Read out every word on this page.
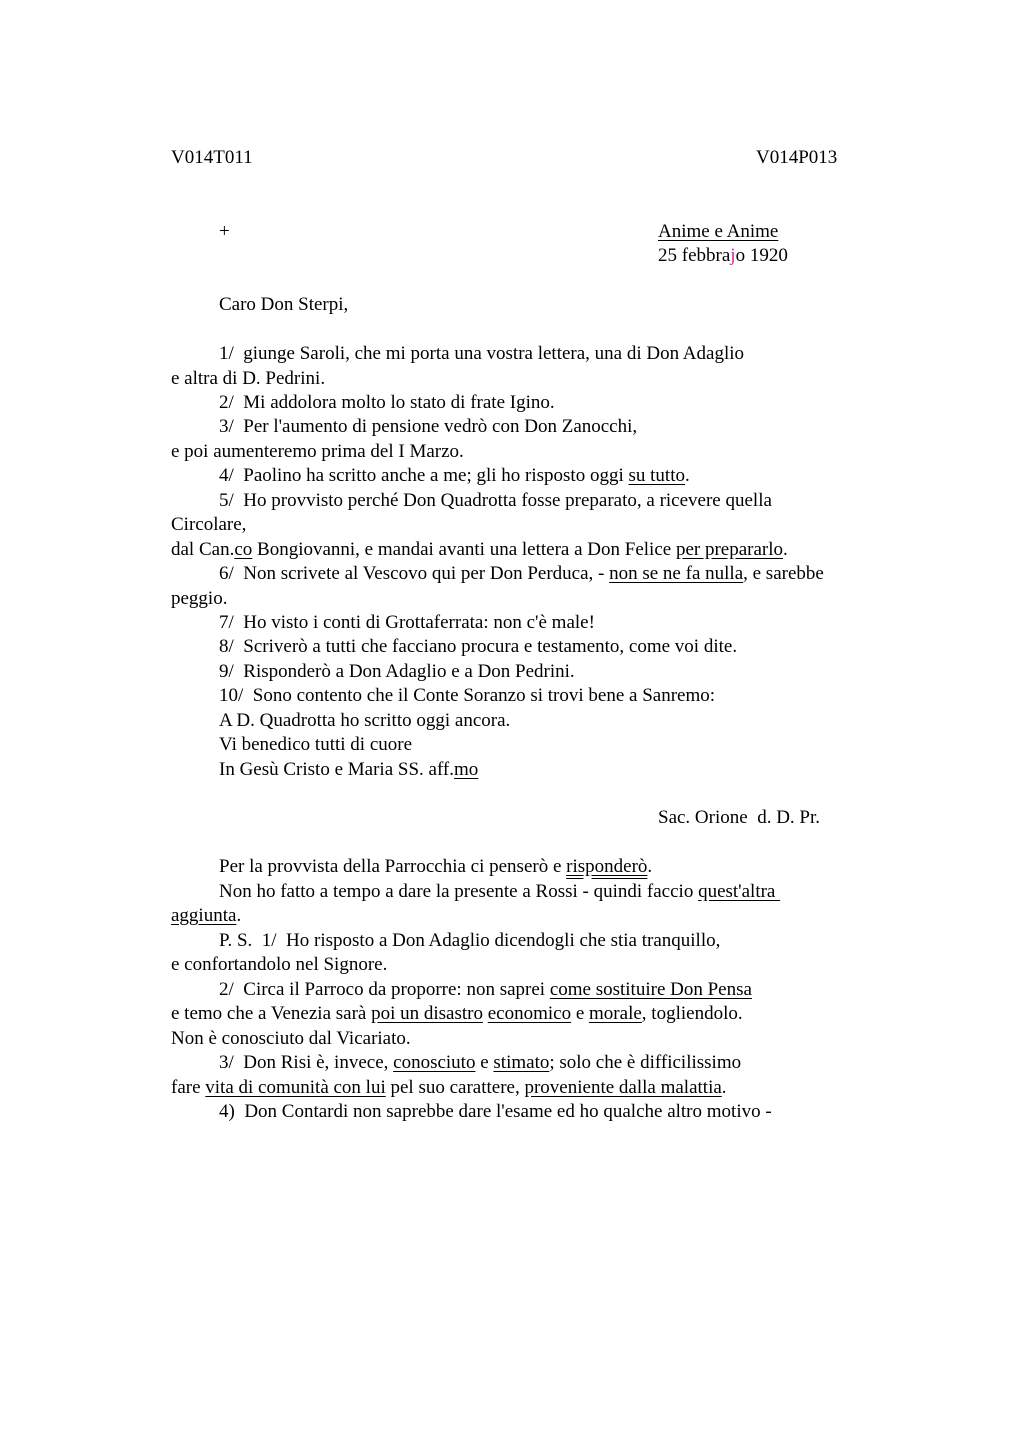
V014T011	V014P013
+	Anime e Anime
25 febbrajo 1920
Caro Don Sterpi,
1/  giunge Saroli, che mi porta una vostra lettera, una di Don Adaglio
e altra di D. Pedrini.
2/  Mi addolora molto lo stato di frate Igino.
3/  Per l'aumento di pensione vedrò con Don Zanocchi,
e poi aumenteremo prima del I Marzo.
4/  Paolino ha scritto anche a me; gli ho risposto oggi su tutto.
5/  Ho provvisto perché Don Quadrotta fosse preparato, a ricevere quella
Circolare,
dal Can.co Bongiovanni, e mandai avanti una lettera a Don Felice per prepararlo.
6/  Non scrivete al Vescovo qui per Don Perduca, - non se ne fa nulla, e sarebbe
peggio.
7/  Ho visto i conti di Grottaferrata: non c'è male!
8/  Scriverò a tutti che facciano procura e testamento, come voi dite.
9/  Risponderò a Don Adaglio e a Don Pedrini.
10/  Sono contento che il Conte Soranzo si trovi bene a Sanremo:
A D. Quadrotta ho scritto oggi ancora.
Vi benedico tutti di cuore
In Gesù Cristo e Maria SS. aff.mo
Sac. Orione  d. D. Pr.
Per la provvista della Parrocchia ci penserò e risponderò.
Non ho fatto a tempo a dare la presente a Rossi - quindi faccio quest'altra
aggiunta.
P. S.  1/  Ho risposto a Don Adaglio dicendogli che stia tranquillo,
e confortandolo nel Signore.
2/  Circa il Parroco da proporre: non saprei come sostituire Don Pensa
e temo che a Venezia sarà poi un disastro economico e morale, togliendolo.
Non è conosciuto dal Vicariato.
3/  Don Risi è, invece, conosciuto e stimato; solo che è difficilissimo
fare vita di comunità con lui pel suo carattere, proveniente dalla malattia.
4)  Don Contardi non saprebbe dare l'esame ed ho qualche altro motivo -
